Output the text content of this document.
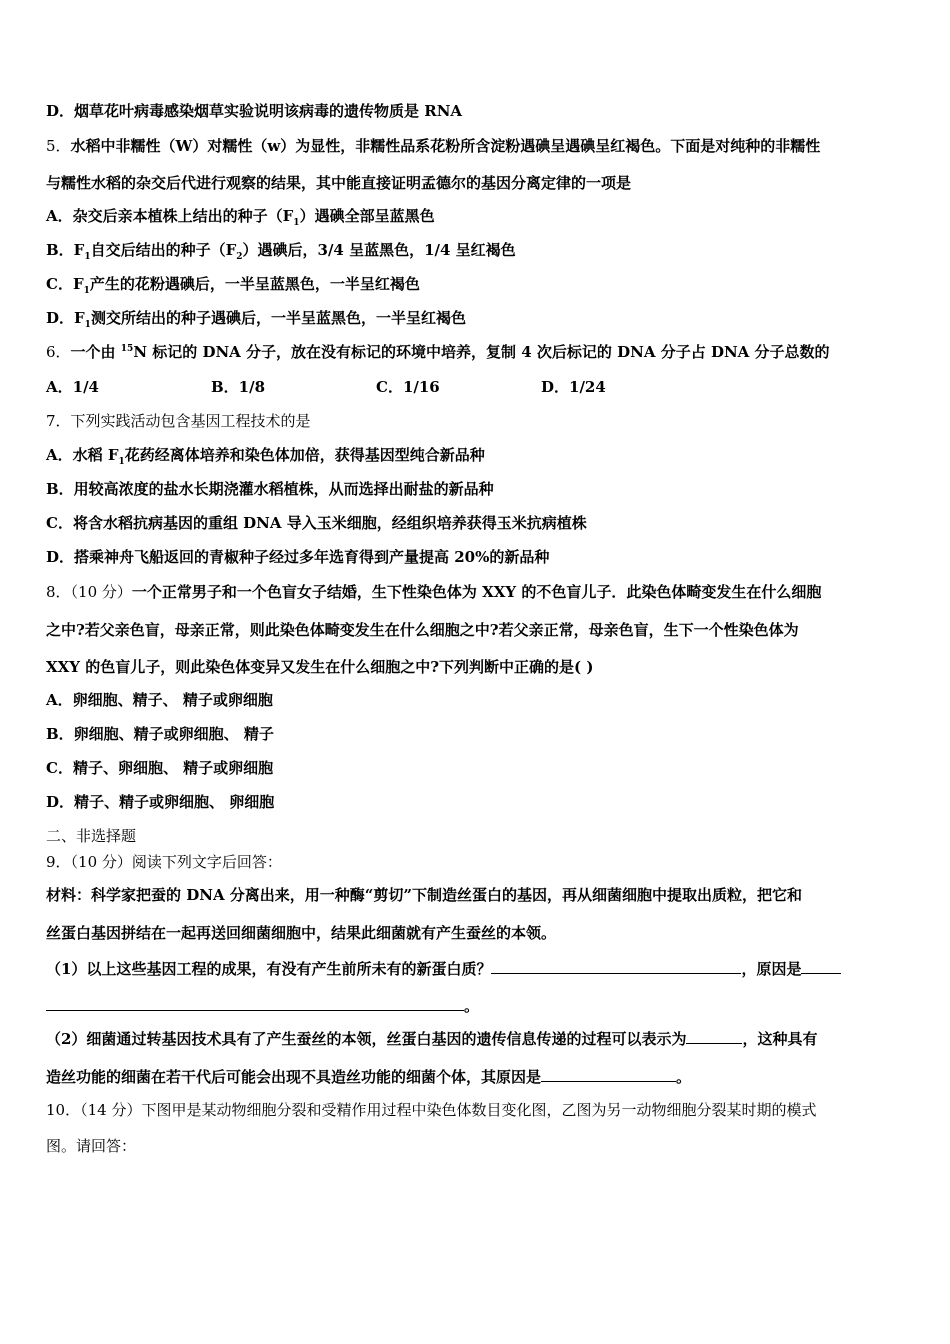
D．烟草花叶病毒感染烟草实验说明该病毒的遗传物质是 RNA
5．水稻中非糯性（W）对糯性（w）为显性，非糯性品系花粉所含淀粉遇碘呈遇碘呈红褐色。下面是对纯种的非糯性
与糯性水稻的杂交后代进行观察的结果，其中能直接证明孟德尔的基因分离定律的一项是
A．杂交后亲本植株上结出的种子$(F_1)$遇碘全部呈蓝黑色
B．$F_1$自交后结出的种子$(F_2)$遇碘后，3/4 呈蓝黑色，1/4 呈红褐色
C．$F_1$产生的花粉遇碘后，一半呈蓝黑色，一半呈红褐色
D．$F_1$测交所结出的种子遇碘后，一半呈蓝黑色，一半呈红褐色
6．一个由 $^{15}$N 标记的 DNA 分子，放在没有标记的环境中培养，复制 4 次后标记的 DNA 分子占 DNA 分子总数的
A．1/4	B．1/8	C．1/16	D．1/24
7．下列实践活动包含基因工程技术的是
A．水稻 $F_1$花药经离体培养和染色体加倍，获得基因型纯合新品种
B．用较高浓度的盐水长期浇灌水稻植株，从而选择出耐盐的新品种
C．将含水稻抗病基因的重组 DNA 导入玉米细胞，经组织培养获得玉米抗病植株
D．搭乘神舟飞船返回的青椒种子经过多年选育得到产量提高 20%的新品种
8．（10 分）一个正常男子和一个色盲女子结婚，生下性染色体为 XXY 的不色盲儿子．此染色体畸变发生在什么细胞
之中?若父亲色盲，母亲正常，则此染色体畸变发生在什么细胞之中?若父亲正常，母亲色盲，生下一个性染色体为
XXY 的色盲儿子，则此染色体变异又发生在什么细胞之中?下列判断中正确的是( )
A．卵细胞、精子、 精子或卵细胞
B．卵细胞、精子或卵细胞、 精子
C．精子、卵细胞、 精子或卵细胞
D．精子、精子或卵细胞、 卵细胞
二、非选择题
9．（10 分）阅读下列文字后回答：
材料：科学家把蚕的 DNA 分离出来，用一种酶“剪切”下制造丝蛋白的基因，再从细菌细胞中提取出质粒，把它和
丝蛋白基因拼结在一起再送回细菌细胞中，结果此细菌就有产生蚕丝的本领。
（1）以上这些基因工程的成果，有没有产生前所未有的新蛋白质？	，原因是
。
（2）细菌通过转基因技术具有了产生蚕丝的本领，丝蛋白基因的遗传信息传递的过程可以表示为	，这种具有
造丝功能的细菌在若干代后可能会出现不具造丝功能的细菌个体，其原因是	。
10．（14 分）下图甲是某动物细胞分裂和受精作用过程中染色体数目变化图，乙图为另一动物细胞分裂某时期的模式
图。请回答：
